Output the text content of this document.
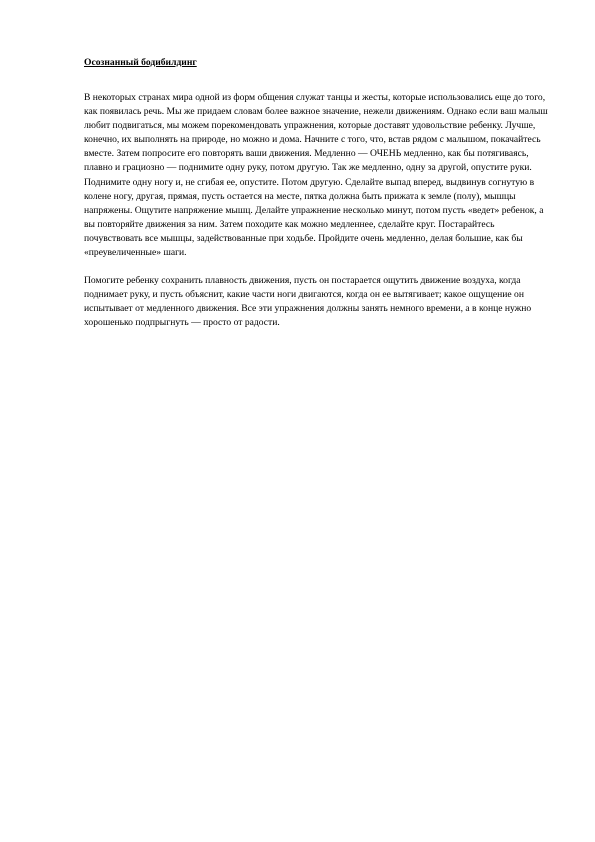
Осознанный бодибилдинг

В некоторых странах мира одной из форм общения служат танцы и жесты, которые использовались еще до того, как появилась речь. Мы же придаем словам более важное значение, нежели движениям. Однако если ваш малыш любит подвигаться, мы можем порекомендовать упражнения, которые доставят удовольствие ребенку. Лучше, конечно, их выполнять на природе, но можно и дома. Начните с того, что, встав рядом с малышом, покачайтесь вместе. Затем попросите его повторять ваши движения. Медленно — ОЧЕНЬ медленно, как бы потягиваясь, плавно и грациозно — поднимите одну руку, потом другую. Так же медленно, одну за другой, опустите руки. Поднимите одну ногу и, не сгибая ее, опустите. Потом другую. Сделайте выпад вперед, выдвинув согнутую в колене ногу, другая, прямая, пусть остается на месте, пятка должна быть прижата к земле (полу), мышцы напряжены. Ощутите напряжение мышц. Делайте упражнение несколько минут, потом пусть «ведет» ребенок, а вы повторяйте движения за ним. Затем походите как можно медленнее, сделайте круг. Постарайтесь почувствовать все мышцы, задействованные при ходьбе. Пройдите очень медленно, делая большие, как бы «преувеличенные» шаги.

Помогите ребенку сохранить плавность движения, пусть он постарается ощутить движение воздуха, когда поднимает руку, и пусть объяснит, какие части ноги двигаются, когда он ее вытягивает; какое ощущение он испытывает от медленного движения. Все эти упражнения должны занять немного времени, а в конце нужно хорошенько подпрыгнуть — просто от радости.
